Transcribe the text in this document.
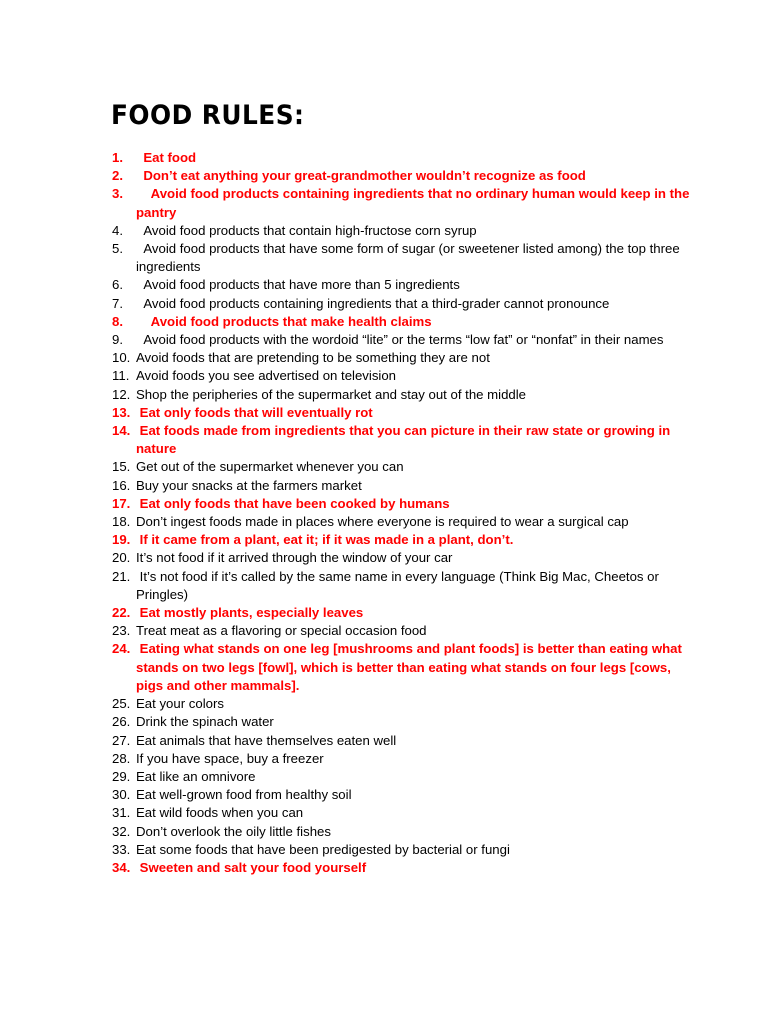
FOOD RULES:
1. Eat food
2. Don’t eat anything your great-grandmother wouldn’t recognize as food
3. Avoid food products containing ingredients that no ordinary human would keep in the pantry
4. Avoid food products that contain high-fructose corn syrup
5. Avoid food products that have some form of sugar (or sweetener listed among) the top three ingredients
6. Avoid food products that have more than 5 ingredients
7. Avoid food products containing ingredients that a third-grader cannot pronounce
8. Avoid food products that make health claims
9. Avoid food products with the wordoid “lite” or the terms “low fat” or “nonfat” in their names
10. Avoid foods that are pretending to be something they are not
11. Avoid foods you see advertised on television
12. Shop the peripheries of the supermarket and stay out of the middle
13. Eat only foods that will eventually rot
14. Eat foods made from ingredients that you can picture in their raw state or growing in nature
15. Get out of the supermarket whenever you can
16. Buy your snacks at the farmers market
17. Eat only foods that have been cooked by humans
18. Don’t ingest foods made in places where everyone is required to wear a surgical cap
19. If it came from a plant, eat it; if it was made in a plant, don’t.
20. It’s not food if it arrived through the window of your car
21. It’s not food if it’s called by the same name in every language (Think Big Mac, Cheetos or Pringles)
22. Eat mostly plants, especially leaves
23. Treat meat as a flavoring or special occasion food
24. Eating what stands on one leg [mushrooms and plant foods] is better than eating what stands on two legs [fowl], which is better than eating what stands on four legs [cows, pigs and other mammals].
25. Eat your colors
26. Drink the spinach water
27. Eat animals that have themselves eaten well
28. If you have space, buy a freezer
29. Eat like an omnivore
30. Eat well-grown food from healthy soil
31. Eat wild foods when you can
32. Don’t overlook the oily little fishes
33. Eat some foods that have been predigested by bacterial or fungi
34. Sweeten and salt your food yourself
